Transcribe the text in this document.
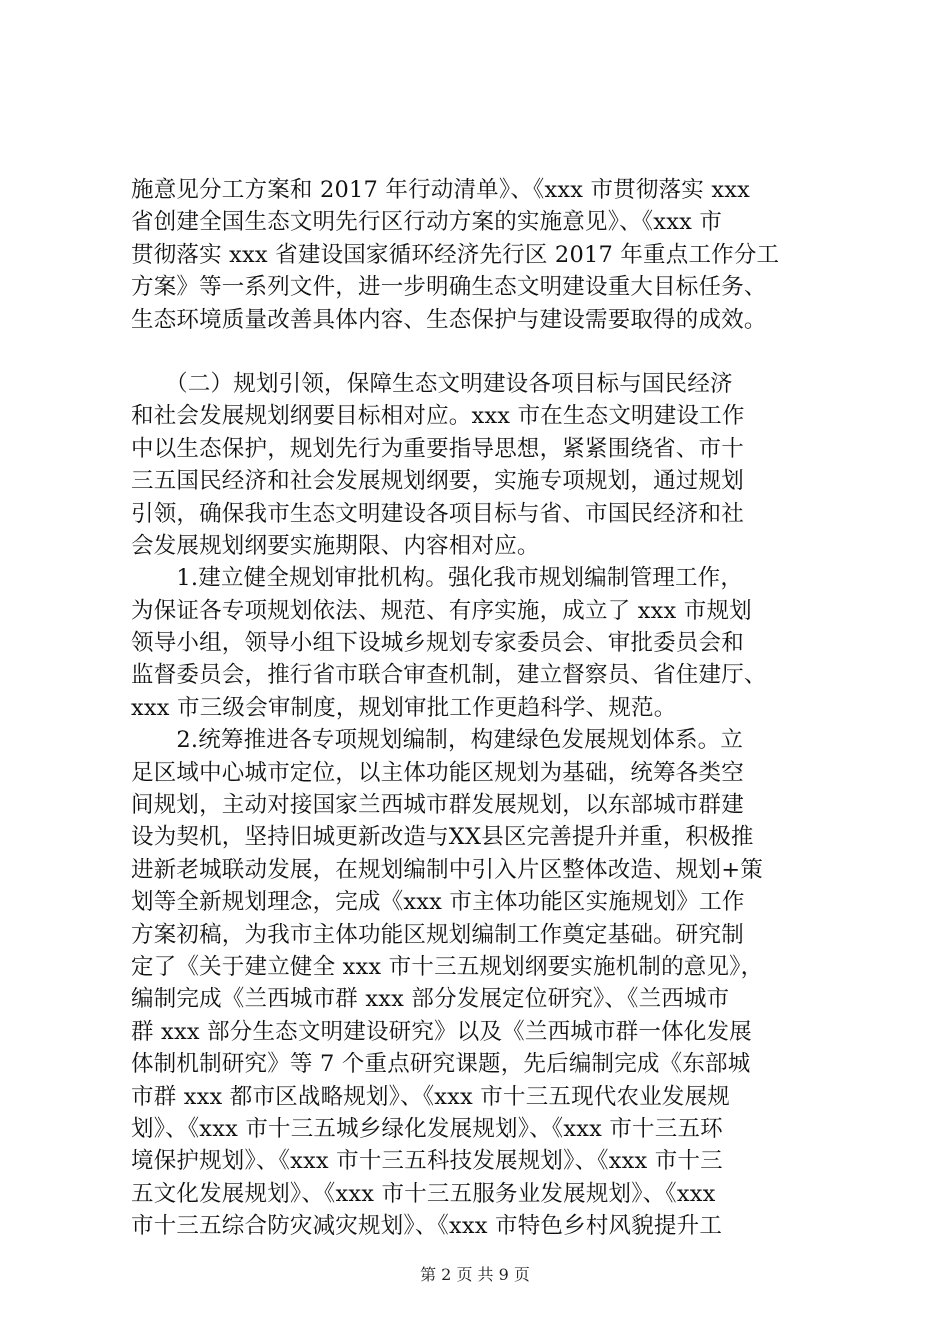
施意见分工方案和 2017 年行动清单》、《xxx 市贯彻落实 xxx
省创建全国生态文明先行区行动方案的实施意见》、《xxx 市
贯彻落实 xxx 省建设国家循环经济先行区 2017 年重点工作分工
方案》等一系列文件，进一步明确生态文明建设重大目标任务、
生态环境质量改善具体内容、生态保护与建设需要取得的成效。
　　（二）规划引领，保障生态文明建设各项目标与国民经济
和社会发展规划纲要目标相对应。xxx 市在生态文明建设工作
中以生态保护，规划先行为重要指导思想，紧紧围绕省、市十
三五国民经济和社会发展规划纲要，实施专项规划，通过规划
引领，确保我市生态文明建设各项目标与省、市国民经济和社
会发展规划纲要实施期限、内容相对应。
　　1.建立健全规划审批机构。强化我市规划编制管理工作，
为保证各专项规划依法、规范、有序实施，成立了 xxx 市规划
领导小组，领导小组下设城乡规划专家委员会、审批委员会和
监督委员会，推行省市联合审查机制，建立督察员、省住建厅、
xxx 市三级会审制度，规划审批工作更趋科学、规范。
　　2.统筹推进各专项规划编制，构建绿色发展规划体系。立
足区域中心城市定位，以主体功能区规划为基础，统筹各类空
间规划，主动对接国家兰西城市群发展规划，以东部城市群建
设为契机，坚持旧城更新改造与XX县区完善提升并重，积极推
进新老城联动发展，在规划编制中引入片区整体改造、规划+策
划等全新规划理念，完成《xxx 市主体功能区实施规划》工作
方案初稿，为我市主体功能区规划编制工作奠定基础。研究制
定了《关于建立健全 xxx 市十三五规划纲要实施机制的意见》，
编制完成《兰西城市群 xxx 部分发展定位研究》、《兰西城市
群 xxx 部分生态文明建设研究》以及《兰西城市群一体化发展
体制机制研究》等 7 个重点研究课题，先后编制完成《东部城
市群 xxx 都市区战略规划》、《xxx 市十三五现代农业发展规
划》、《xxx 市十三五城乡绿化发展规划》、《xxx 市十三五环
境保护规划》、《xxx 市十三五科技发展规划》、《xxx 市十三
五文化发展规划》、《xxx 市十三五服务业发展规划》、《xxx
市十三五综合防灾减灾规划》、《xxx 市特色乡村风貌提升工
第 2 页 共 9 页
